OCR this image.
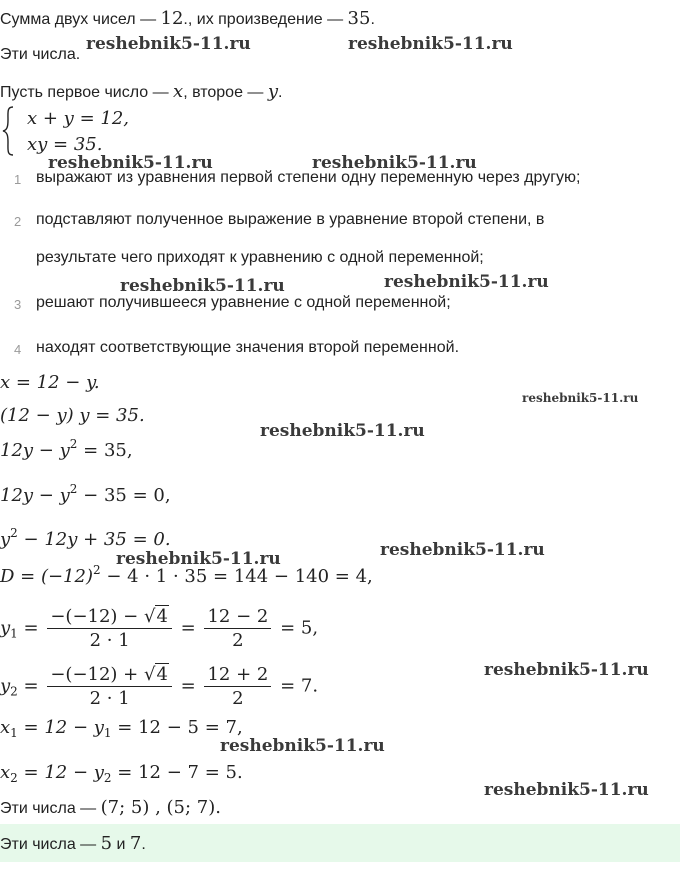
Сумма двух чисел — 12., их произведение — 35.
Эти числа.
Пусть первое число — x, второе — y.
x + y = 12,
xy = 35.
1 выражают из уравнения первой степени одну переменную через другую;
2 подставляют полученное выражение в уравнение второй степени, в
результате чего приходят к уравнению с одной переменной;
3 решают получившееся уравнение с одной переменной;
4 находят соответствующие значения второй переменной.
x = 12 − y.
(12 − y) y = 35.
$12y - y^2 = 35$,
$12y - y^2 - 35 = 0$,
$y^2 - 12y + 35 = 0$.
$D = (-12)^2 - 4 \cdot 1 \cdot 35 = 144 - 140 = 4$,
$y_1 = \frac{-(-12) - √4}{2 \cdot 1} = \frac{12 - 2}{2} = 5$,
$y_2 = \frac{-(-12) + √4}{2 \cdot 1} = \frac{12 + 2}{2} = 7$.
$x_1 = 12 - y_1 = 12 - 5 = 7$,
$x_2 = 12 - y_2 = 12 - 7 = 5$.
Эти числа — (7; 5) , (5; 7).
Эти числа — 5 и 7.
reshebnik5-11.ru	reshebnik5-11.ru
reshebnik5-11.ru	reshebnik5-11.ru
reshebnik5-11.ru	reshebnik5-11.ru
reshebnik5-11.ru
reshebnik5-11.ru
reshebnik5-11.ru
reshebnik5-11.ru
reshebnik5-11.ru
reshebnik5-11.ru
reshebnik5-11.ru
